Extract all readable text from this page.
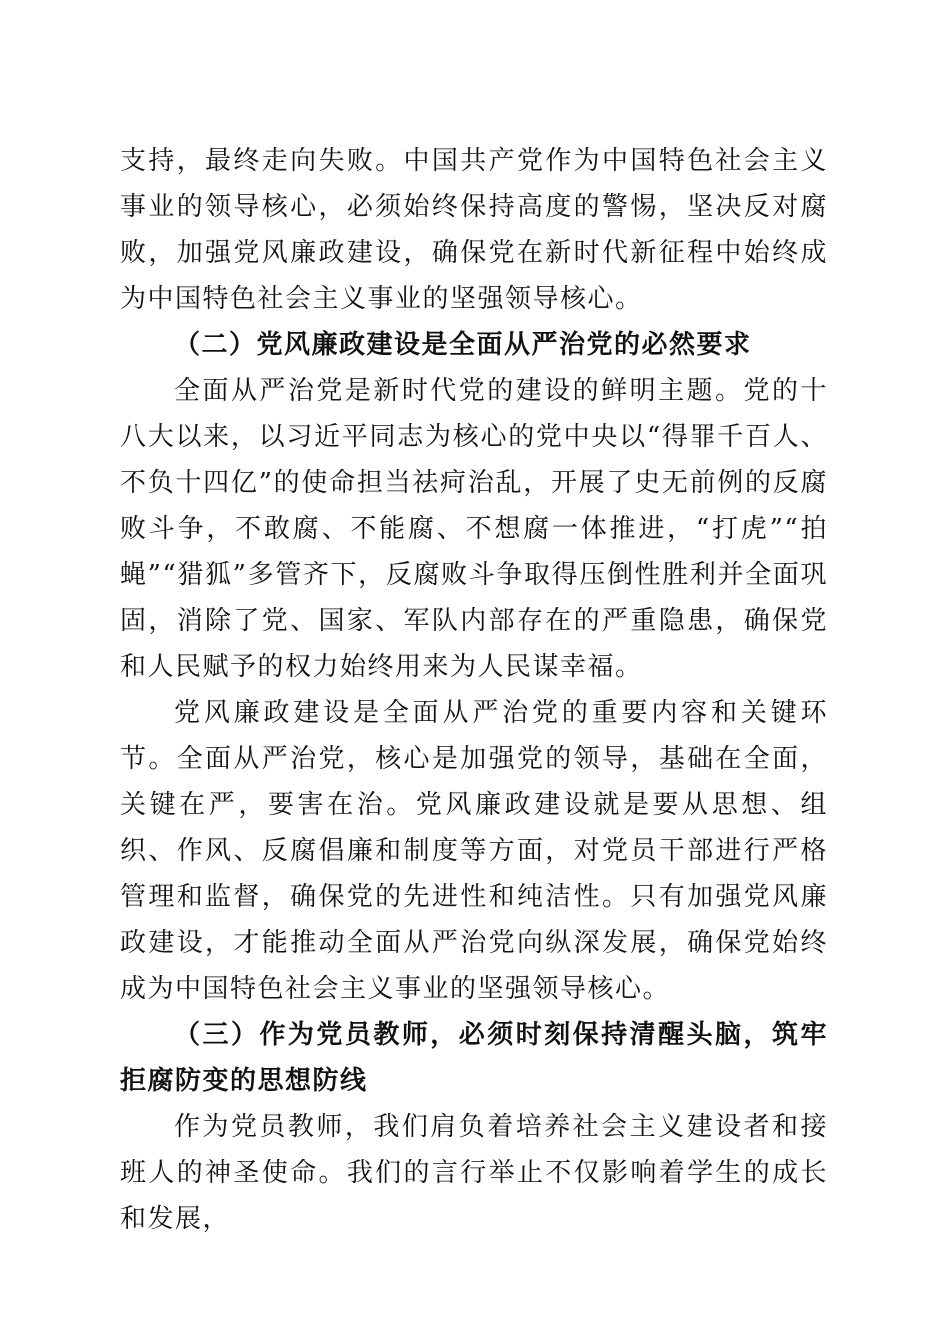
支持，最终走向失败。中国共产党作为中国特色社会主义事业的领导核心，必须始终保持高度的警惕，坚决反对腐败，加强党风廉政建设，确保党在新时代新征程中始终成为中国特色社会主义事业的坚强领导核心。

（二）党风廉政建设是全面从严治党的必然要求

全面从严治党是新时代党的建设的鲜明主题。党的十八大以来，以习近平同志为核心的党中央以“得罪千百人、不负十四亿”的使命担当祛疴治乱，开展了史无前例的反腐败斗争，不敢腐、不能腐、不想腐一体推进，“打虎”“拍蝇”“猎狐”多管齐下，反腐败斗争取得压倒性胜利并全面巩固，消除了党、国家、军队内部存在的严重隐患，确保党和人民赋予的权力始终用来为人民谋幸福。

党风廉政建设是全面从严治党的重要内容和关键环节。全面从严治党，核心是加强党的领导，基础在全面，关键在严，要害在治。党风廉政建设就是要从思想、组织、作风、反腐倡廉和制度等方面，对党员干部进行严格管理和监督，确保党的先进性和纯洁性。只有加强党风廉政建设，才能推动全面从严治党向纵深发展，确保党始终成为中国特色社会主义事业的坚强领导核心。

（三）作为党员教师，必须时刻保持清醒头脑，筑牢拒腐防变的思想防线

作为党员教师，我们肩负着培养社会主义建设者和接班人的神圣使命。我们的言行举止不仅影响着学生的成长和发展，
